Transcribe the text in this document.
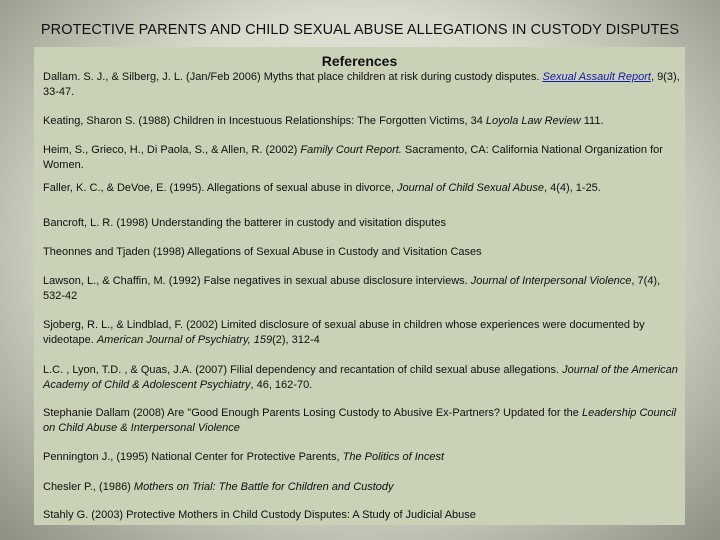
PROTECTIVE PARENTS AND CHILD SEXUAL ABUSE ALLEGATIONS IN CUSTODY DISPUTES
References
Dallam. S. J., & Silberg, J. L. (Jan/Feb 2006) Myths that place children at risk during custody disputes. Sexual Assault Report, 9(3), 33-47.
Keating, Sharon S. (1988) Children in Incestuous Relationships: The Forgotten Victims, 34 Loyola Law Review 111.
Heim, S., Grieco, H., Di Paola, S., & Allen, R. (2002) Family Court Report. Sacramento, CA: California National Organization for Women.
Faller, K. C., & DeVoe, E. (1995). Allegations of sexual abuse in divorce, Journal of Child Sexual Abuse, 4(4), 1-25.
Bancroft, L. R. (1998) Understanding the batterer in custody and visitation disputes
Theonnes and Tjaden (1998) Allegations of Sexual Abuse in Custody and Visitation Cases
Lawson, L., & Chaffin, M. (1992) False negatives in sexual abuse disclosure interviews. Journal of Interpersonal Violence, 7(4), 532-42
Sjoberg, R. L., & Lindblad, F. (2002) Limited disclosure of sexual abuse in children whose experiences were documented by videotape. American Journal of Psychiatry, 159(2), 312-4
L.C. , Lyon, T.D. , & Quas, J.A. (2007) Filial dependency and recantation of child sexual abuse allegations. Journal of the American Academy of Child & Adolescent Psychiatry, 46, 162-70.
Stephanie Dallam (2008) Are "Good Enough Parents Losing Custody to Abusive Ex-Partners? Updated for the Leadership Council on Child Abuse & Interpersonal Violence
Pennington J., (1995) National Center for Protective Parents, The Politics of Incest
Chesler P., (1986) Mothers on Trial: The Battle for Children and Custody
Stahly G. (2003) Protective Mothers in Child Custody Disputes: A Study of Judicial Abuse
